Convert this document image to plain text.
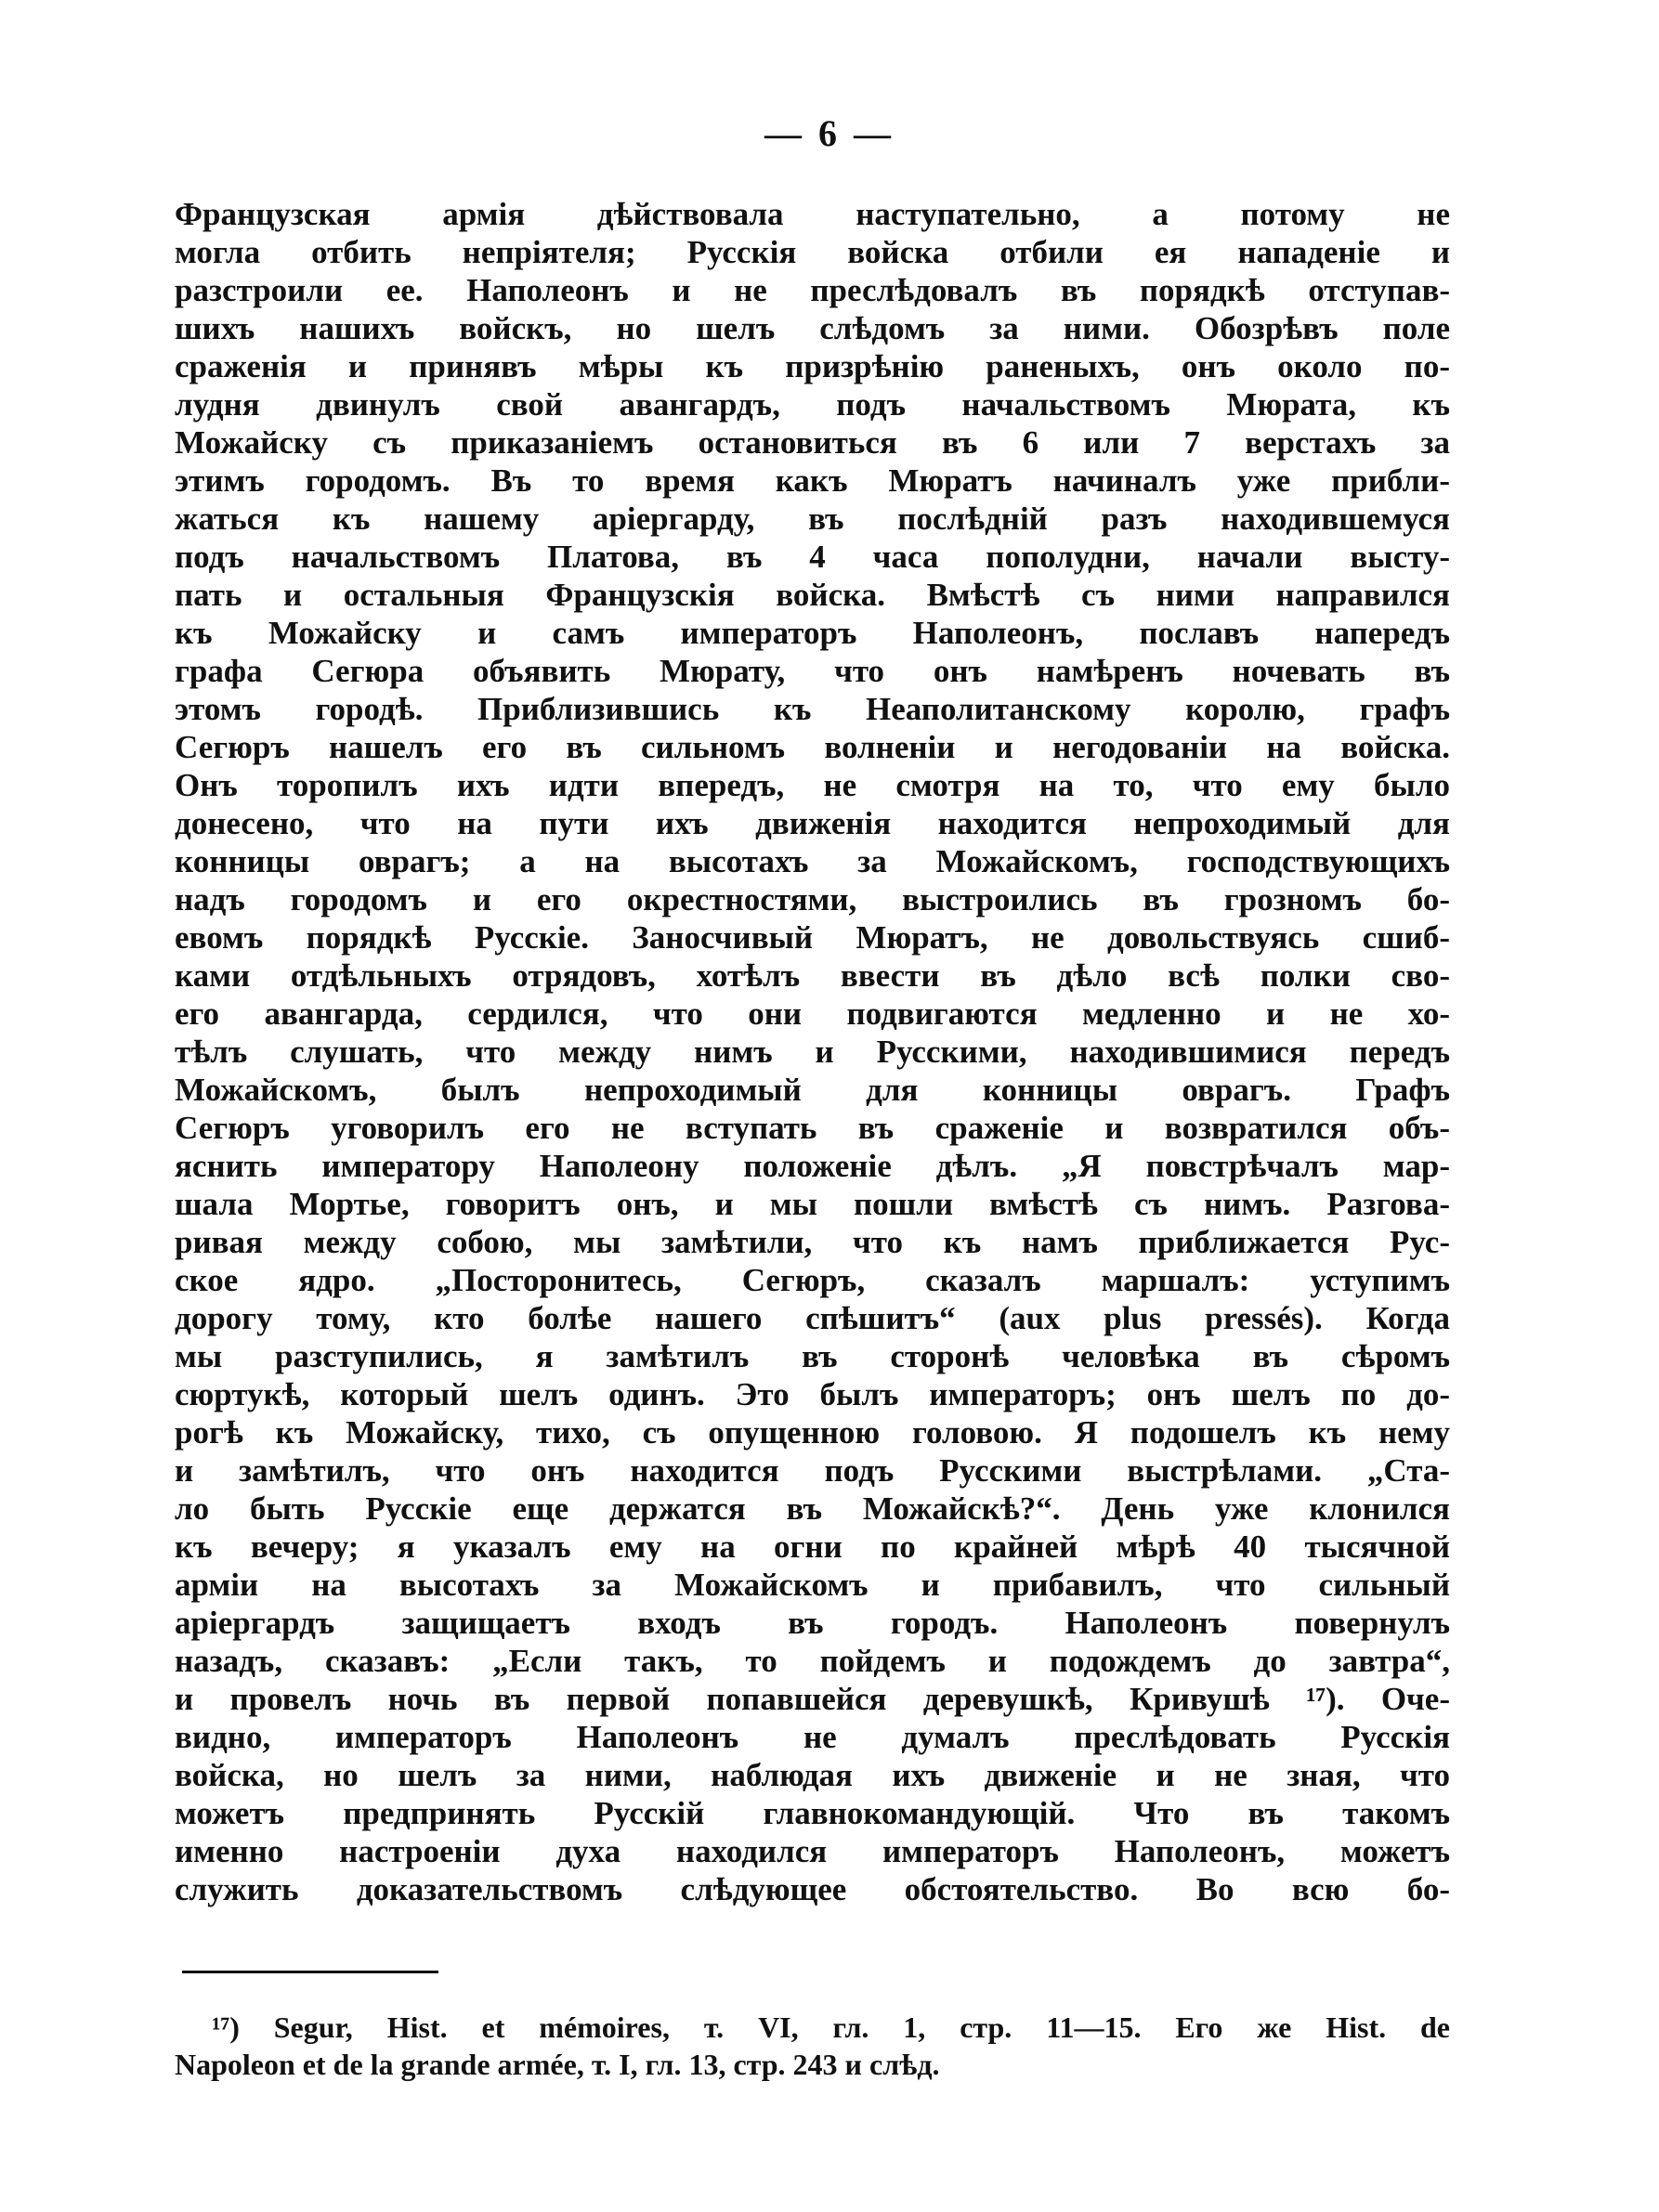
— 6 —
Французская армія дѣйствовала наступательно, а потому не
могла отбить непріятеля; Русскія войска отбили ея нападеніе и
разстроили ее. Наполеонъ и не преслѣдовалъ въ порядкѣ отступав-
шихъ нашихъ войскъ, но шелъ слѣдомъ за ними. Обозрѣвъ поле
сраженія и принявъ мѣры къ призрѣнію раненыхъ, онъ около по-
лудня двинулъ свой авангардъ, подъ начальствомъ Мюрата, къ
Можайску съ приказаніемъ остановиться въ 6 или 7 верстахъ за
этимъ городомъ. Въ то время какъ Мюратъ начиналъ уже прибли-
жаться къ нашему аріергарду, въ послѣдній разъ находившемуся
подъ начальствомъ Платова, въ 4 часа пополудни, начали высту-
пать и остальныя Французскія войска. Вмѣстѣ съ ними направился
къ Можайску и самъ императоръ Наполеонъ, пославъ напередъ
графа Сегюра объявить Мюрату, что онъ намѣренъ ночевать въ
этомъ городѣ. Приблизившись къ Неаполитанскому королю, графъ
Сегюръ нашелъ его въ сильномъ волненіи и негодованіи на войска.
Онъ торопилъ ихъ идти впередъ, не смотря на то, что ему было
донесено, что на пути ихъ движенія находится непроходимый для
конницы оврагъ; а на высотахъ за Можайскомъ, господствующихъ
надъ городомъ и его окрестностями, выстроились въ грозномъ бо-
евомъ порядкѣ Русскіе. Заносчивый Мюратъ, не довольствуясь сшиб-
ками отдѣльныхъ отрядовъ, хотѣлъ ввести въ дѣло всѣ полки сво-
его авангарда, сердился, что они подвигаются медленно и не хо-
тѣлъ слушать, что между нимъ и Русскими, находившимися передъ
Можайскомъ, былъ непроходимый для конницы оврагъ. Графъ
Сегюръ уговорилъ его не вступать въ сраженіе и возвратился объ-
яснить императору Наполеону положеніе дѣлъ. „Я повстрѣчалъ мар-
шала Мортье, говоритъ онъ, и мы пошли вмѣстѣ съ нимъ. Разгова-
ривая между собою, мы замѣтили, что къ намъ приближается Рус-
ское ядро. „Посторонитесь, Сегюръ, сказалъ маршалъ: уступимъ
дорогу тому, кто болѣе нашего спѣшитъ“ (aux plus pressés). Когда
мы разступились, я замѣтилъ въ сторонѣ человѣка въ сѣромъ
сюртукѣ, который шелъ одинъ. Это былъ императоръ; онъ шелъ по до-
рогѣ къ Можайску, тихо, съ опущенною головою. Я подошелъ къ нему
и замѣтилъ, что онъ находится подъ Русскими выстрѣлами. „Ста-
ло быть Русскіе еще держатся въ Можайскѣ?“. День уже клонился
къ вечеру; я указалъ ему на огни по крайней мѣрѣ 40 тысячной
арміи на высотахъ за Можайскомъ и прибавилъ, что сильный
аріергардъ защищаетъ входъ въ городъ. Наполеонъ повернулъ
назадъ, сказавъ: „Если такъ, то пойдемъ и подождемъ до завтра“,
и провелъ ночь въ первой попавшейся деревушкѣ, Кривушѣ ¹⁷). Оче-
видно, императоръ Наполеонъ не думалъ преслѣдовать Русскія
войска, но шелъ за ними, наблюдая ихъ движеніе и не зная, что
можетъ предпринять Русскій главнокомандующій. Что въ такомъ
именно настроеніи духа находился императоръ Наполеонъ, можетъ
служить доказательствомъ слѣдующее обстоятельство. Во всю бо-
¹⁷) Segur, Hist. et mémoires, т. VI, гл. 1, стр. 11—15. Его же Hist. de
Napoleon et de la grande armée, т. I, гл. 13, стр. 243 и слѣд.
